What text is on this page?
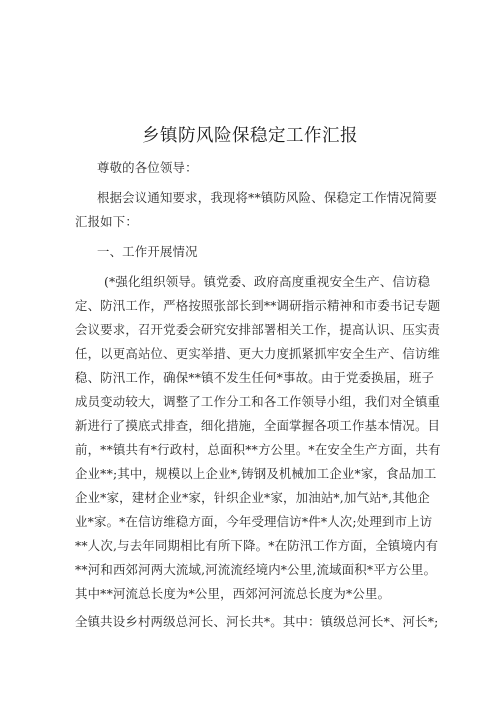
乡镇防风险保稳定工作汇报
尊敬的各位领导：
根据会议通知要求，我现将**镇防风险、保稳定工作情况简要
汇报如下：
一、工作开展情况
(*强化组织领导。镇党委、政府高度重视安全生产、信访稳
定、防汛工作，严格按照张部长到**调研指示精神和市委书记专题
会议要求，召开党委会研究安排部署相关工作，提高认识、压实责
任，以更高站位、更实举措、更大力度抓紧抓牢安全生产、信访维
稳、防汛工作，确保**镇不发生任何*事故。由于党委换届，班子
成员变动较大，调整了工作分工和各工作领导小组，我们对全镇重
新进行了摸底式排查，细化措施，全面掌握各项工作基本情况。目
前，**镇共有*行政村，总面积**方公里。*在安全生产方面，共有
企业**;其中，规模以上企业*,铸钢及机械加工企业*家，食品加工
企业*家，建材企业*家，针织企业*家，加油站*,加气站*,其他企
业*家。*在信访维稳方面，今年受理信访*件*人次;处理到市上访
**人次,与去年同期相比有所下降。*在防汛工作方面，全镇境内有
**河和西郊河两大流域,河流流经境内*公里,流域面积*平方公里。
其中**河流总长度为*公里，西郊河河流总长度为*公里。
全镇共设乡村两级总河长、河长共*。其中：镇级总河长*、河长*;
